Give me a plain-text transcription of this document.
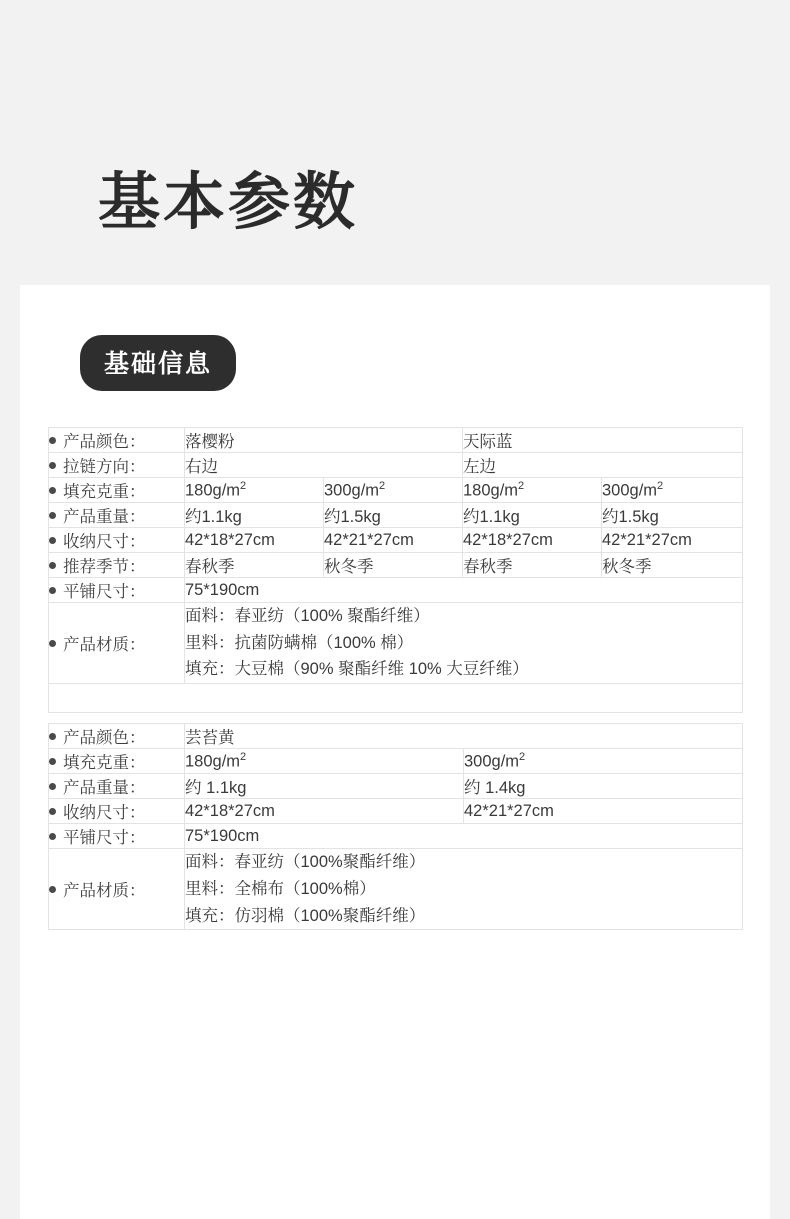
基本参数
基础信息
产品颜色：	落樱粉		天际蓝	
拉链方向：	右边		左边	
填充克重：	$180g/m^2$	$300g/m^2$	$180g/m^2$	$300g/m^2$
产品重量：	约1.1kg	约1.5kg	约1.1kg	约1.5kg
收纳尺寸：	42*18*27cm	42*21*27cm	42*18*27cm	42*21*27cm
推荐季节：	春秋季	秋冬季	春秋季	秋冬季
平铺尺寸：	75*190cm			
产品材质：	面料：春亚纺（100% 聚酯纤维）
里料：抗菌防螨棉（100% 棉）
填充：大豆棉（90% 聚酯纤维 10% 大豆纤维）			

产品颜色：	芸苔黄	
填充克重：	$180g/m^2$	$300g/m^2$
产品重量：	约 1.1kg	约 1.4kg
收纳尺寸：	42*18*27cm	42*21*27cm
平铺尺寸：	75*190cm	
产品材质：	面料：春亚纺（100%聚酯纤维）
里料：全棉布（100%棉）
填充：仿羽棉（100%聚酯纤维）	
